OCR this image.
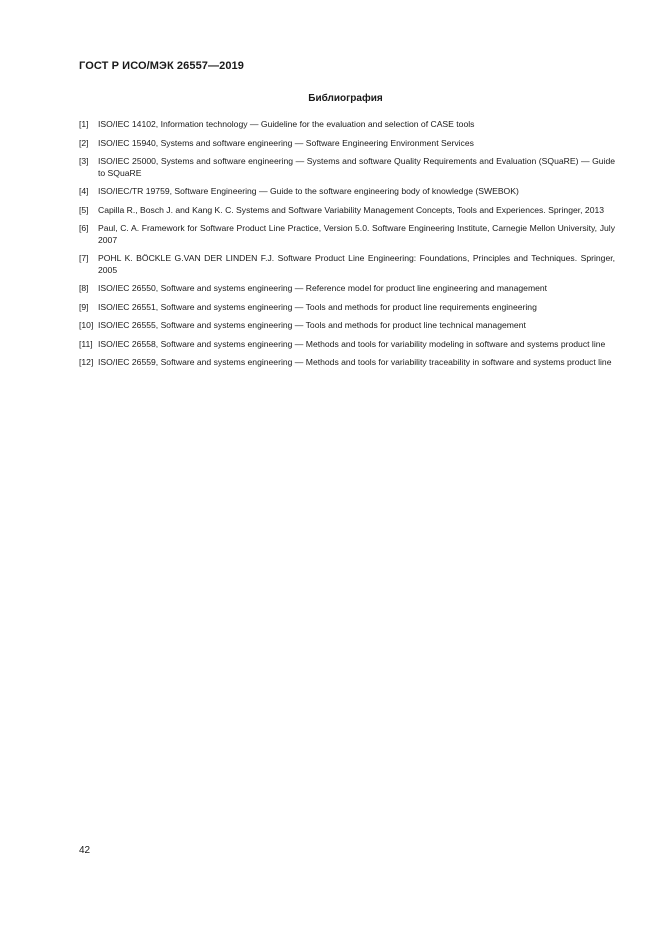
ГОСТ Р ИСО/МЭК 26557—2019
Библиография
[1] ISO/IEC 14102, Information technology — Guideline for the evaluation and selection of CASE tools
[2] ISO/IEC 15940, Systems and software engineering — Software Engineering Environment Services
[3] ISO/IEC 25000, Systems and software engineering — Systems and software Quality Requirements and Evaluation (SQuaRE) — Guide to SQuaRE
[4] ISO/IEC/TR 19759, Software Engineering — Guide to the software engineering body of knowledge (SWEBOK)
[5] Capilla R., Bosch J. and Kang K. C. Systems and Software Variability Management Concepts, Tools and Experiences. Springer, 2013
[6] Paul, C. A. Framework for Software Product Line Practice, Version 5.0. Software Engineering Institute, Carnegie Mellon University, July 2007
[7] POHL K. BÖCKLE G.VAN DER LINDEN F.J. Software Product Line Engineering: Foundations, Principles and Techniques. Springer, 2005
[8] ISO/IEC 26550, Software and systems engineering — Reference model for product line engineering and management
[9] ISO/IEC 26551, Software and systems engineering — Tools and methods for product line requirements engineering
[10] ISO/IEC 26555, Software and systems engineering — Tools and methods for product line technical management
[11] ISO/IEC 26558, Software and systems engineering — Methods and tools for variability modeling in software and systems product line
[12] ISO/IEC 26559, Software and systems engineering — Methods and tools for variability traceability in software and systems product line
42
